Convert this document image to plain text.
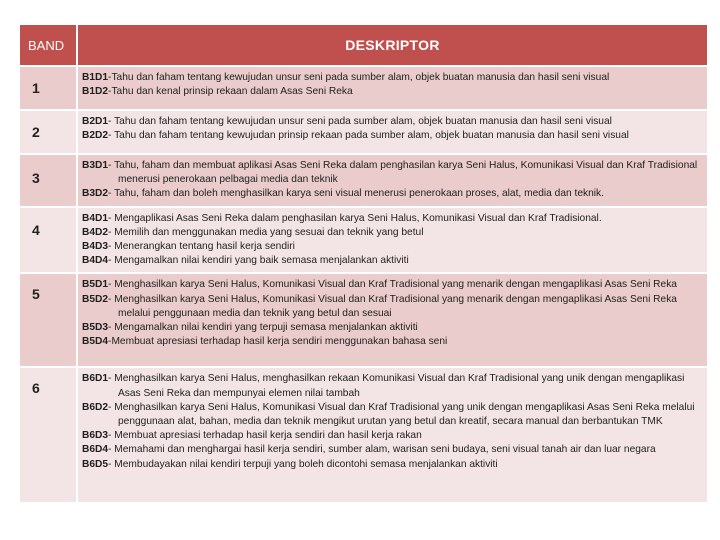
BAND	DESKRIPTOR

1	B1D1-Tahu dan faham tentang kewujudan unsur seni pada sumber alam, objek buatan manusia dan hasil seni visual
B1D2-Tahu dan kenal prinsip rekaan dalam Asas Seni Reka

2	B2D1- Tahu dan faham tentang kewujudan unsur seni pada sumber alam, objek buatan manusia dan hasil seni visual
B2D2- Tahu dan faham tentang kewujudan prinsip rekaan pada sumber alam, objek buatan manusia dan hasil seni visual

3	B3D1- Tahu, faham dan membuat aplikasi Asas Seni Reka dalam penghasilan karya Seni Halus, Komunikasi Visual dan Kraf Tradisional menerusi penerokaan pelbagai media dan teknik
B3D2- Tahu, faham dan boleh menghasilkan karya seni visual menerusi penerokaan proses, alat, media dan teknik.

4	B4D1- Mengaplikasi Asas Seni Reka dalam penghasilan karya Seni Halus, Komunikasi Visual dan Kraf Tradisional.
B4D2- Memilih dan menggunakan media yang sesuai dan teknik yang betul
B4D3- Menerangkan tentang hasil kerja sendiri
B4D4- Mengamalkan nilai kendiri yang baik semasa menjalankan aktiviti

5	B5D1- Menghasilkan karya Seni Halus, Komunikasi Visual dan Kraf Tradisional yang menarik dengan mengaplikasi Asas Seni Reka
B5D2- Menghasilkan karya Seni Halus, Komunikasi Visual dan Kraf Tradisional yang menarik dengan mengaplikasi Asas Seni Reka melalui penggunaan media dan teknik yang betul dan sesuai
B5D3- Mengamalkan nilai kendiri yang terpuji semasa menjalankan aktiviti
B5D4-Membuat apresiasi terhadap hasil kerja sendiri menggunakan bahasa seni

6	B6D1- Menghasilkan karya Seni Halus, menghasilkan rekaan Komunikasi Visual dan Kraf Tradisional yang unik dengan mengaplikasi Asas Seni Reka dan mempunyai elemen nilai tambah
B6D2- Menghasilkan karya Seni Halus, Komunikasi Visual dan Kraf Tradisional yang unik dengan mengaplikasi Asas Seni Reka melalui penggunaan alat, bahan, media dan teknik mengikut urutan yang betul dan kreatif, secara manual dan berbantukan TMK
B6D3- Membuat apresiasi terhadap hasil kerja sendiri dan hasil kerja rakan
B6D4- Memahami dan menghargai hasil kerja sendiri, sumber alam, warisan seni budaya, seni visual tanah air dan luar negara
B6D5- Membudayakan nilai kendiri terpuji yang boleh dicontohi semasa menjalankan aktiviti
